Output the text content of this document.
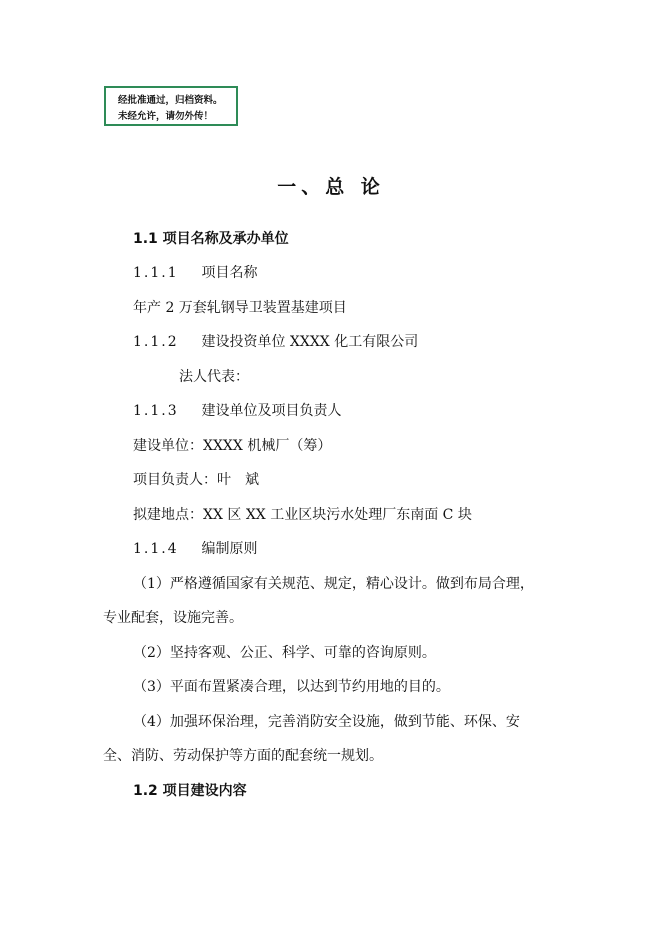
经批准通过，归档资料。
未经允许，请勿外传！
一、总 论
1.1 项目名称及承办单位
1.1.1 项目名称
年产 2 万套轧钢导卫装置基建项目
1.1.2 建设投资单位 XXXX 化工有限公司
法人代表：
1.1.3 建设单位及项目负责人
建设单位：XXXX 机械厂（筹）
项目负责人：叶　斌
拟建地点：XX 区 XX 工业区块污水处理厂东南面 C 块
1.1.4 编制原则
（1）严格遵循国家有关规范、规定，精心设计。做到布局合理，
专业配套，设施完善。
（2）坚持客观、公正、科学、可靠的咨询原则。
（3）平面布置紧凑合理，以达到节约用地的目的。
（4）加强环保治理，完善消防安全设施，做到节能、环保、安
全、消防、劳动保护等方面的配套统一规划。
1.2 项目建设内容
